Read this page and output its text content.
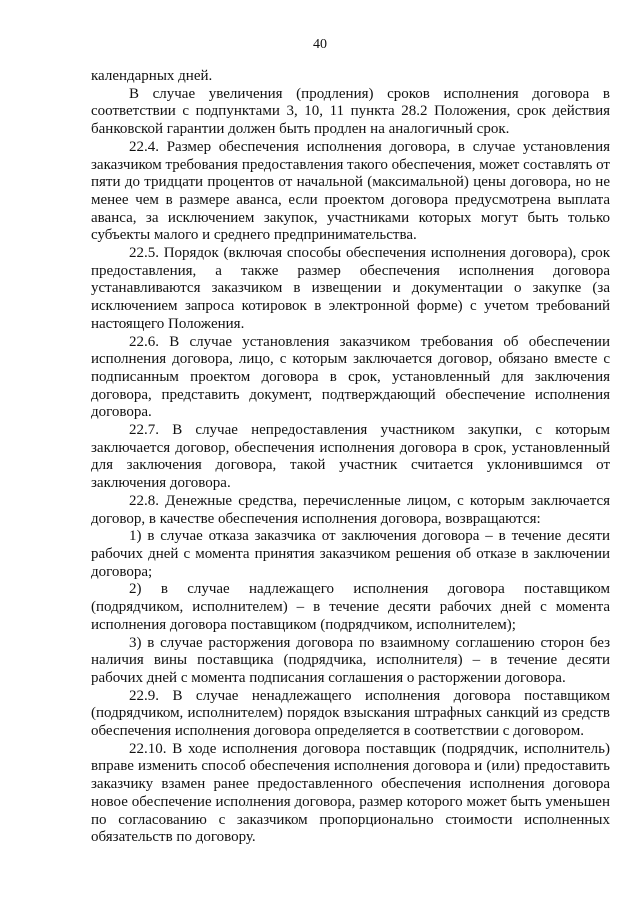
40

календарных дней.

В случае увеличения (продления) сроков исполнения договора в соответствии с подпунктами 3, 10, 11 пункта 28.2 Положения, срок действия банковской гарантии должен быть продлен на аналогичный срок.

22.4. Размер обеспечения исполнения договора, в случае установления заказчиком требования предоставления такого обеспечения, может составлять от пяти до тридцати процентов от начальной (максимальной) цены договора, но не менее чем в размере аванса, если проектом договора предусмотрена выплата аванса, за исключением закупок, участниками которых могут быть только субъекты малого и среднего предпринимательства.

22.5. Порядок (включая способы обеспечения исполнения договора), срок предоставления, а также размер обеспечения исполнения договора устанавливаются заказчиком в извещении и документации о закупке (за исключением запроса котировок в электронной форме) с учетом требований настоящего Положения.

22.6. В случае установления заказчиком требования об обеспечении исполнения договора, лицо, с которым заключается договор, обязано вместе с подписанным проектом договора в срок, установленный для заключения договора, представить документ, подтверждающий обеспечение исполнения договора.

22.7. В случае непредоставления участником закупки, с которым заключается договор, обеспечения исполнения договора в срок, установленный для заключения договора, такой участник считается уклонившимся от заключения договора.

22.8. Денежные средства, перечисленные лицом, с которым заключается договор, в качестве обеспечения исполнения договора, возвращаются:

1) в случае отказа заказчика от заключения договора – в течение десяти рабочих дней с момента принятия заказчиком решения об отказе в заключении договора;

2) в случае надлежащего исполнения договора поставщиком (подрядчиком, исполнителем) – в течение десяти рабочих дней с момента исполнения договора поставщиком (подрядчиком, исполнителем);

3) в случае расторжения договора по взаимному соглашению сторон без наличия вины поставщика (подрядчика, исполнителя) – в течение десяти рабочих дней с момента подписания соглашения о расторжении договора.

22.9. В случае ненадлежащего исполнения договора поставщиком (подрядчиком, исполнителем) порядок взыскания штрафных санкций из средств обеспечения исполнения договора определяется в соответствии с договором.

22.10. В ходе исполнения договора поставщик (подрядчик, исполнитель) вправе изменить способ обеспечения исполнения договора и (или) предоставить заказчику взамен ранее предоставленного обеспечения исполнения договора новое обеспечение исполнения договора, размер которого может быть уменьшен по согласованию с заказчиком пропорционально стоимости исполненных обязательств по договору.
